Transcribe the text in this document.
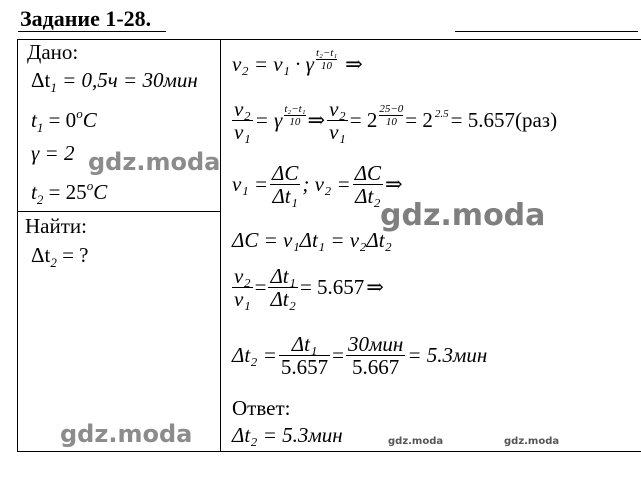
Задание 1-28.
Дано:
$\Delta t_1 = 0,5ч = 30мин$
$t_1 = 0^oC$
γ = 2
$t_2 = 25^oC$
Найти:
$\Delta t_2$ = ?
v₂ = v₁ · γ $\frac{\text{t₂−t₁}}{10}$ ⇒
$\frac{\text{v₂}}{\text{v₁}} = \gamma \frac{\text{t₂−t₁}}{10}$ ⇒ $\frac{\text{v₂}}{\text{v₁}} = 2 \frac{25-0}{10} = 2$ 2.5 = 5.657(раз)
$v_1 = \frac{\Delta C}{\text{Δt₁}}$ ; $v_2 = \frac{\Delta C}{\text{Δt₂}}$ ⇒
ΔC = v₁Δt₁ = v₂Δt₂
$\frac{\text{v₂}}{\text{v₁}} = \frac{\text{Δt₁}}{\text{Δt₂}} = 5.657$ ⇒
$\Delta t_2 = \frac{\text{Δt₁}}{5.657} = \frac{\text{30мин}}{5.667} = 5.3мин$
Ответ:
Δt₂ = 5.3мин
gdz.moda
gdz.moda
gdz.moda	gdz.moda	gdz.moda
